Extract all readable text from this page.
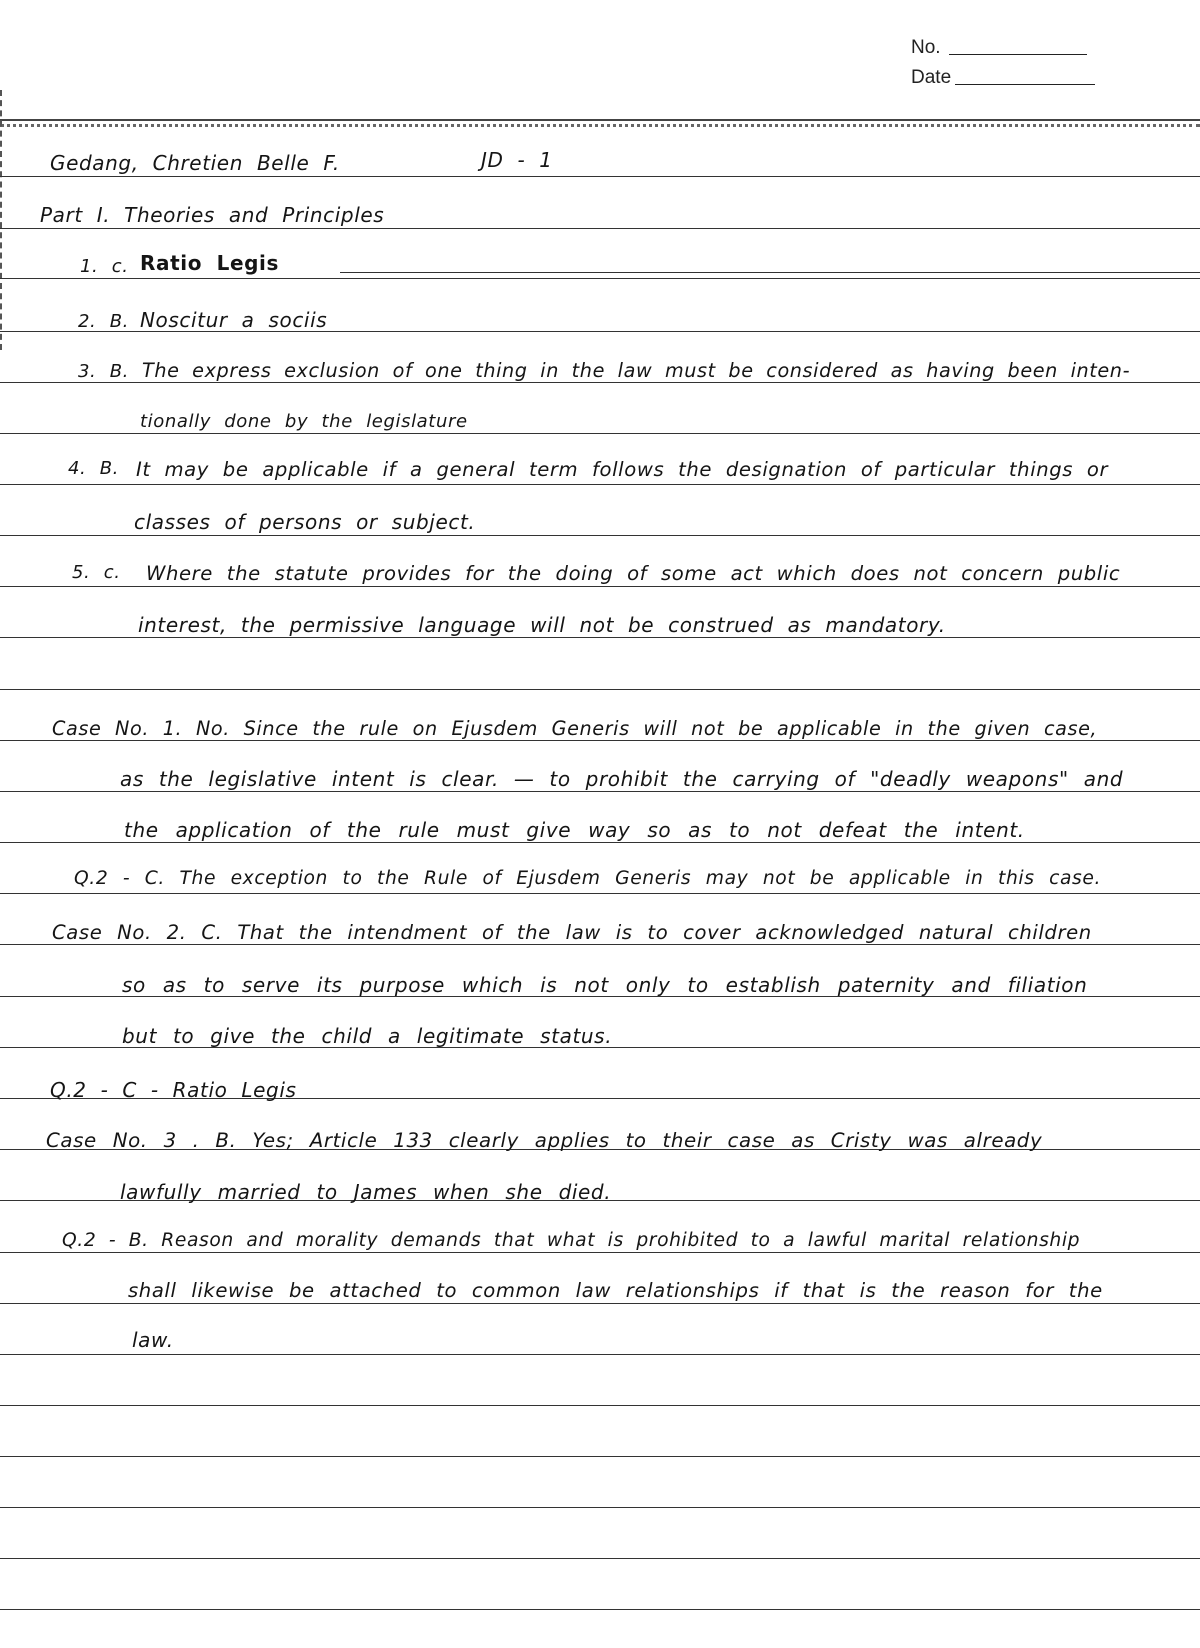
No.
Date
Gedang, Chretien Belle F.	JD - 1
Part I. Theories and Principles
1. c. Ratio Legis
2. B. Noscitur a sociis
3. B. The express exclusion of one thing in the law must be considered as having been inten-
tionally done by the legislature
4. B. It may be applicable if a general term follows the designation of particular things or
classes of persons or subject.
5. c. Where the statute provides for the doing of some act which does not concern public
interest, the permissive language will not be construed as mandatory.
Case No. 1. No. Since the rule on Ejusdem Generis will not be applicable in the given case,
as the legislative intent is clear. — to prohibit the carrying of "deadly weapons" and
the application of the rule must give way so as to not defeat the intent.
Q.2 - C. The exception to the Rule of Ejusdem Generis may not be applicable in this case.
Case No. 2. C. That the intendment of the law is to cover acknowledged natural children
so as to serve its purpose which is not only to establish paternity and filiation
but to give the child a legitimate status.
Q.2 - C - Ratio Legis
Case No. 3 . B. Yes; Article 133 clearly applies to their case as Cristy was already
lawfully married to James when she died.
Q.2 - B. Reason and morality demands that what is prohibited to a lawful marital relationship
shall likewise be attached to common law relationships if that is the reason for the
law.
